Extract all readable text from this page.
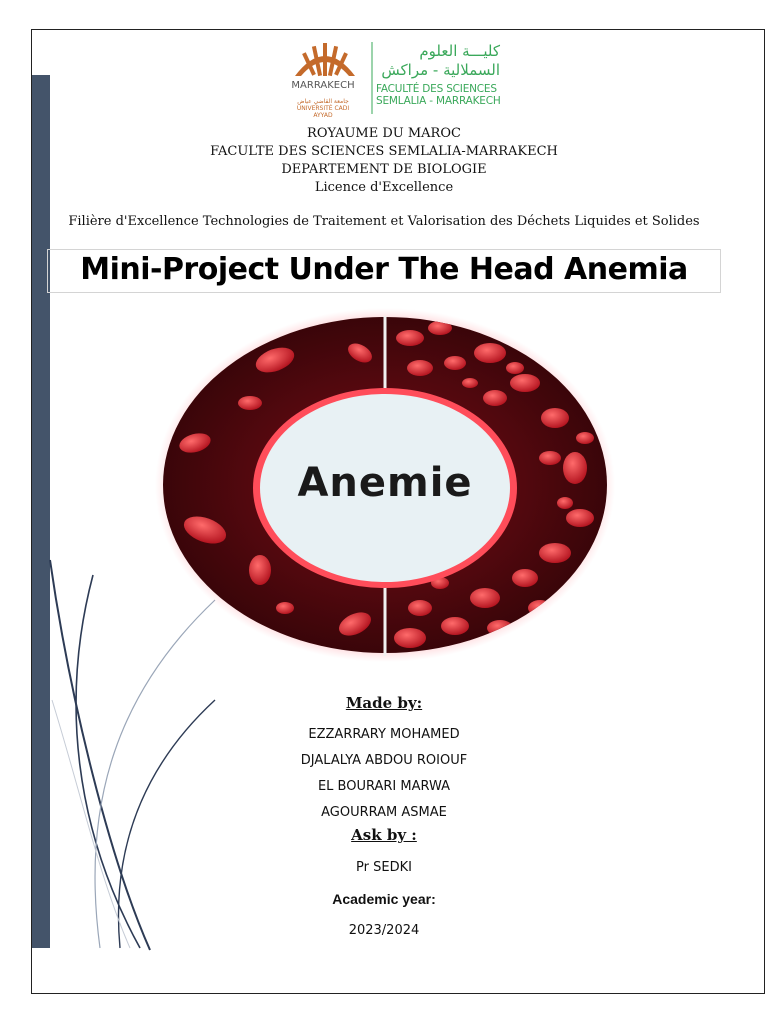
MARRAKECH
جامعة القاضي عياض
UNIVERSITÉ CADI AYYAD
كليـــة العلوم
السملالية - مراكش
FACULTÉ DES SCIENCES
SEMLALIA - MARRAKECH
ROYAUME DU MAROC
FACULTE DES SCIENCES SEMLALIA-MARRAKECH
DEPARTEMENT DE BIOLOGIE
Licence d'Excellence
Filière d'Excellence Technologies de Traitement et Valorisation des Déchets Liquides et Solides
Mini-Project Under The Head Anemia
Anemie
Made by:
EZZARRARY MOHAMED
DJALALYA ABDOU ROIOUF
EL BOURARI MARWA
AGOURRAM ASMAE
Ask by :
Pr SEDKI
Academic year:
2023/2024
